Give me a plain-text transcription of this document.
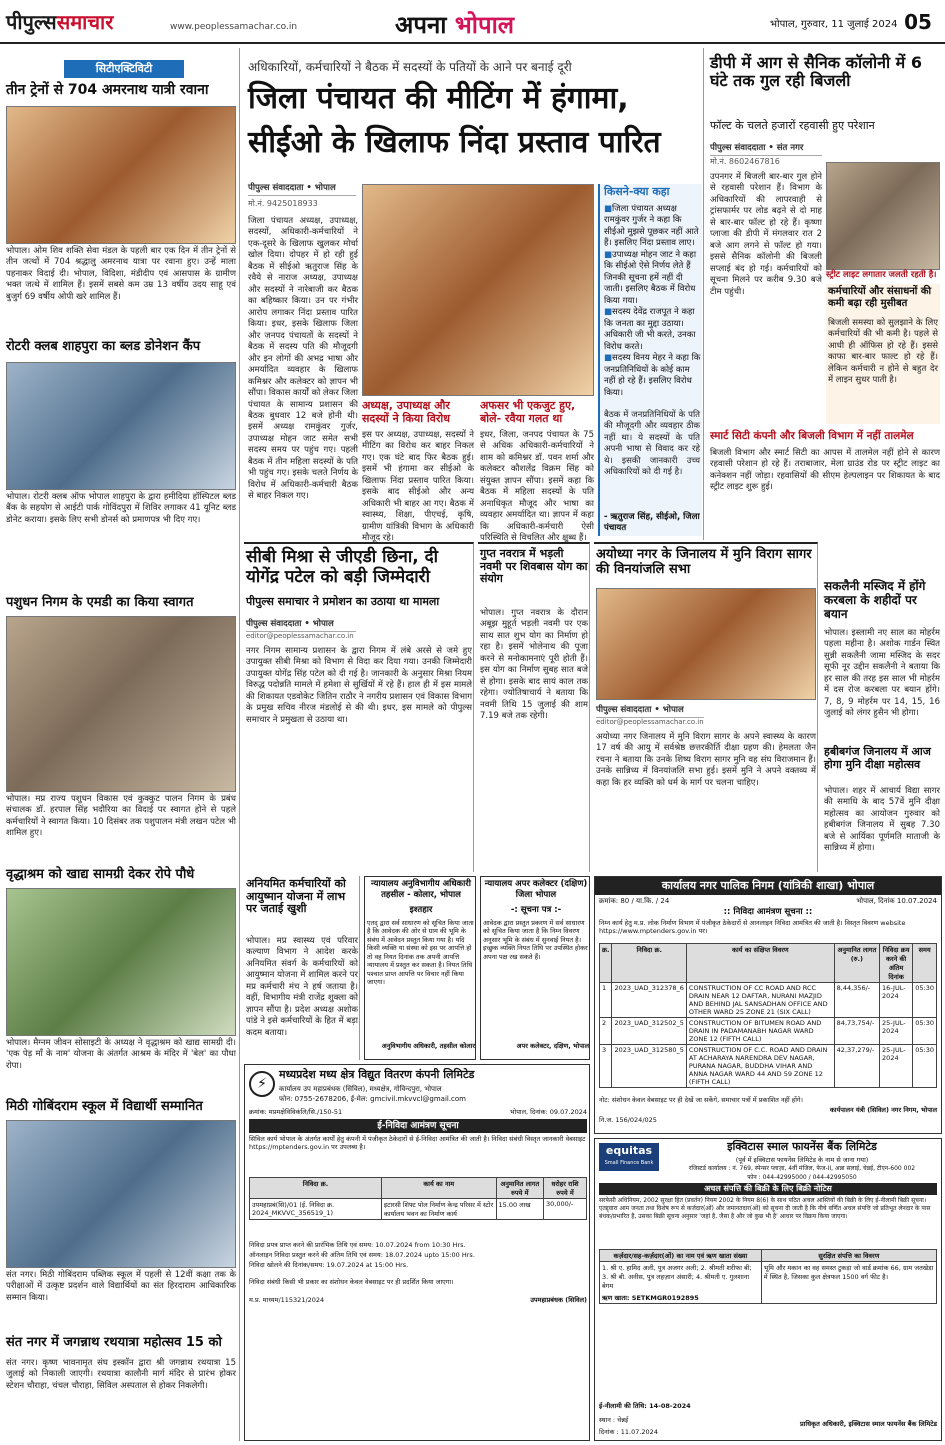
पीपुल्ससमाचार	www.peoplessamachar.co.in	अपना भोपाल	भोपाल, गुरुवार, 11 जुलाई 2024 05
सिटीएक्टिविटी
तीन ट्रेनों से 704 अमरनाथ यात्री रवाना
भोपाल। ओम शिव शक्ति सेवा मंडल के पहली बार एक दिन में तीन ट्रेनों से तीन जत्थों में 704 श्रद्धालु अमरनाथ यात्रा पर रवाना हुए। उन्हें माला पहनाकर विदाई दी। भोपाल, विदिशा, मंडीदीप एवं आसपास के ग्रामीण भक्त जत्थे में शामिल हैं। इसमें सबसे कम उम्र 13 वर्षीय उदय साहू एवं बुजुर्ग 69 वर्षीय ओपी खरे शामिल हैं।
रोटरी क्लब शाहपुरा का ब्लड डोनेशन कैंप
भोपाल। रोटरी क्लब ऑफ भोपाल शाहपुरा के द्वारा हमीदिया हॉस्पिटल ब्लड बैंक के सहयोग से आईटी पार्क गोविंदपुरा में शिविर लगाकर 41 यूनिट ब्लड डोनेट कराया। इसके लिए सभी डोनर्स को प्रमाणपत्र भी दिए गए।
पशुधन निगम के एमडी का किया स्वागत
भोपाल। मप्र राज्य पशुधन विकास एवं कुक्कुट पालन निगम के प्रबंध संचालक डॉ. हरपाल सिंह भदौरिया का विदाई पर स्वागत होने से पहले कर्मचारियों ने स्वागत किया। 10 दिसंबर तक पशुपालन मंत्री लखन पटेल भी शामिल हुए।
वृद्धाश्रम को खाद्य सामग्री देकर रोपे पौधे
भोपाल। मैग्नम जीवन सोसाइटी के अध्यक्ष ने वृद्धाश्रम को खाद्य सामग्री दी। 'एक पेड़ माँ के नाम' योजना के अंतर्गत आश्रम के मंदिर में 'बेल' का पौधा रोपा।
मिठी गोबिंदराम स्कूल में विद्यार्थी सम्मानित
संत नगर। मिठी गोबिंदराम पब्लिक स्कूल में पहली से 12वीं कक्षा तक के परीक्षाओं में उत्कृष्ट प्रदर्शन वाले विद्यार्थियों का संत हिरदाराम आधिकारिक सम्मान किया।
संत नगर में जगन्नाथ रथयात्रा महोत्सव 15 को
संत नगर। कृष्ण भावनामृत संघ इस्कॉन द्वारा श्री जगन्नाथ रथयात्रा 15 जुलाई को निकाली जाएगी। रथयात्रा कालौनी मार्ग मंदिर से प्रारंभ होकर स्टेशन चौराहा, चंचल चौराहा, सिविल अस्पताल से होकर निकलेगी।
अधिकारियों, कर्मचारियों ने बैठक में सदस्यों के पतियों के आने पर बनाई दूरी
जिला पंचायत की मीटिंग में हंगामा,
सीईओ के खिलाफ निंदा प्रस्ताव पारित
पीपुल्स संवाददाता • भोपाल
मो.नं. 9425018933
जिला पंचायत अध्यक्ष, उपाध्यक्ष, सदस्यों, अधिकारी-कर्मचारियों ने एक-दूसरे के खिलाफ खुलकर मोर्चा खोल दिया। दोपहर में हो रही हुई बैठक में सीईओ ऋतुराज सिंह के रवैये से नाराज अध्यक्ष, उपाध्यक्ष और सदस्यों ने नारेबाजी कर बैठक का बहिष्कार किया। उन पर गंभीर आरोप लगाकर निंदा प्रस्ताव पारित किया। इधर, इसके खिलाफ जिला और जनपद पंचायतों के सदस्यों ने बैठक में सदस्य पति की मौजूदगी और इन लोगों की अभद्र भाषा और अमर्यादित व्यवहार के खिलाफ कमिश्नर और कलेक्टर को ज्ञापन भी सौंपा। विकास कार्यों को लेकर जिला पंचायत के सामान्य प्रशासन की बैठक बुधवार 12 बजे होनी थी। इसमें अध्यक्ष रामकुंवर गुर्जर, उपाध्यक्ष मोहन जाट समेत सभी सदस्य समय पर पहुंच गए। पहली बैठक में तीन महिला सदस्यों के पति भी पहुंच गए। इसके चलते निर्णय के विरोध में अधिकारी-कर्मचारी बैठक से बाहर निकल गए।
अध्यक्ष, उपाध्यक्ष और सदस्यों ने किया विरोध
इस पर अध्यक्ष, उपाध्यक्ष, सदस्यों ने मीटिंग का विरोध कर बाहर निकल गए। एक घंटे बाद फिर बैठक हुई। इसमें भी हंगामा कर सीईओ के खिलाफ निंदा प्रस्ताव पारित किया। इसके बाद सीईओ और अन्य अधिकारी भी बाहर आ गए। बैठक में स्वास्थ्य, शिक्षा, पीएचई, कृषि, ग्रामीण यांत्रिकी विभाग के अधिकारी मौजूद रहे।
अफसर भी एकजुट हुए, बोले- रवैया गलत था
इधर, जिला, जनपद पंचायत के 75 से अधिक अधिकारी-कर्मचारियों ने शाम को कमिश्नर डॉ. पवन शर्मा और कलेक्टर कौशलेंद्र विक्रम सिंह को संयुक्त ज्ञापन सौंपा। इसमें कहा कि बैठक में महिला सदस्यों के पति अनाधिकृत मौजूद और भाषा का व्यवहार अमर्यादित था। ज्ञापन में कहा कि अधिकारी-कर्मचारी ऐसी परिस्थिति से विचलित और क्षुब्ध हैं।
किसने-क्या कहा
■ जिला पंचायत अध्यक्ष रामकुंवर गुर्जर ने कहा कि सीईओ मुझसे पूछकर नहीं आते हैं। इसलिए निंदा प्रस्ताव लाए।
■ उपाध्यक्ष मोहन जाट ने कहा कि सीईओ ऐसे निर्णय लेते हैं जिनकी सूचना हमें नहीं दी जाती। इसलिए बैठक में विरोध किया गया।
■ सदस्य देवेंद्र राजपूत ने कहा कि जनता का मुद्दा उठाया। अधिकारी जी भी करते, उनका विरोध करते।
■ सदस्य विनय मेहर ने कहा कि जनप्रतिनिधियों के कोई काम नहीं हो रहे हैं। इसलिए विरोध किया।
बैठक में जनप्रतिनिधियों के पति की मौजूदगी और व्यवहार ठीक नहीं था। ये सदस्यों के पति अपनी भाषा से विवाद कर रहे थे। इसकी जानकारी उच्च अधिकारियों को दी गई है।
- ऋतुराज सिंह, सीईओ, जिला पंचायत
डीपी में आग से सैनिक कॉलोनी में 6 घंटे तक गुल रही बिजली
फॉल्ट के चलते हजारों रहवासी हुए परेशान
पीपुल्स संवाददाता • संत नगर
मो.नं. 8602467816
स्ट्रीट लाइट लगातार जलती रहती है।
उपनगर में बिजली बार-बार गुल होने से रहवासी परेशान हैं। विभाग के अधिकारियों की लापरवाही से ट्रांसफार्मर पर लोड बढ़ने से दो माह से बार-बार फॉल्ट हो रहे हैं। कृष्णा प्लाजा की डीपी में मंगलवार रात 2 बजे आग लगने से फॉल्ट हो गया। इससे सैनिक कॉलोनी की बिजली सप्लाई बंद हो गई। कर्मचारियों को सूचना मिलने पर करीब 9.30 बजे टीम पहुंची।	कर्मचारियों और संसाधनों की कमी बढ़ा रही मुसीबत
बिजली समस्या को सुलझाने के लिए कर्मचारियों की भी कमी है। पहले से आधी ही ऑफिस हो रहे हैं। इससे काफा बार-बार फाल्ट हो रहे हैं। लेकिन कर्मचारी न होने से बहुत देर में लाइन सुधर पाती है।
स्मार्ट सिटी कंपनी और बिजली विभाग में नहीं तालमेल
बिजली विभाग और स्मार्ट सिटी का आपस में तालमेल नहीं होने से कारण रहवासी परेशान हो रहे हैं। तराबाजार, मेला ग्राउंड रोड पर स्ट्रीट लाइट का कनेक्शन नहीं जोड़ा। रहवासियों की सीएम हेल्पलाइन पर शिकायत के बाद स्ट्रीट लाइट शुरू हुई।
सीबी मिश्रा से जीएडी छिना, दी योगेंद्र पटेल को बड़ी जिम्मेदारी
पीपुल्स समाचार ने प्रमोशन का उठाया था मामला
पीपुल्स संवाददाता • भोपाल
editor@peoplessamachar.co.in
नगर निगम सामान्य प्रशासन के द्वारा निगम में लंबे अरसे से जमे हुए उपायुक्त सीबी मिश्रा को विभाग से विदा कर दिया गया। उनकी जिम्मेदारी उपायुक्त योगेंद्र सिंह पटेल को दी गई है। जानकारी के अनुसार मिश्रा नियम विरुद्ध पदोन्नति मामले में हमेशा से सुर्खियों में रहे हैं। हाल ही में इस मामले की शिकायत एडवोकेट जितिन राठौर ने नगरीय प्रशासन एवं विकास विभाग के प्रमुख सचिव नीरज मंडलोई से की थी। इधर, इस मामले को पीपुल्स समाचार ने प्रमुखता से उठाया था।
गुप्त नवरात्र में भड़ली नवमी पर शिवबास योग का संयोग
भोपाल। गुप्त नवरात्र के दौरान अबूझ मुहूर्त भड़ली नवमी पर एक साथ सात शुभ योग का निर्माण हो रहा है। इसमें भोलेनाथ की पूजा करने से मनोकामनाएं पूरी होती हैं। इस योग का निर्माण सुबह सात बजे से होगा। इसके बाद सायं काल तक रहेगा। ज्योतिषाचार्य ने बताया कि नवमी तिथि 15 जुलाई की शाम 7.19 बजे तक रहेगी।
अयोध्या नगर के जिनालय में मुनि विराग सागर की विनयांजलि सभा
पीपुल्स संवाददाता • भोपाल
editor@peoplessamachar.co.in
अयोध्या नगर जिनालय में मुनि विराग सागर के अपने स्वास्थ्य के कारण 17 वर्ष की आयु में सर्वश्रेष्ठ छत्तरकीर्ति दीक्षा ग्रहण की। हेमलता जैन रचना ने बताया कि उनके शिष्य विराग सागर मुनि वह संघ विराजमान हैं। उनके सान्निध्य में विनयांजलि सभा हुई। इसमें मुनि ने अपने वक्तव्य में कहा कि हर व्यक्ति को धर्म के मार्ग पर चलना चाहिए।
सकलैनी मस्जिद में होंगे करबला के शहीदों पर बयान
भोपाल। इस्लामी नए साल का मोहर्रम पहला महीना है। अशोक गार्डन स्थित सुन्नी सकलैनी जामा मस्जिद के सदर सूफी नूर उद्दीन सकलैनी ने बताया कि हर साल की तरह इस साल भी मोहर्रम में दस रोज करबला पर बयान होंगे। 7, 8, 9 मोहर्रम पर 14, 15, 16 जुलाई को लंगर हुसैन भी होगा।
हबीबगंज जिनालय में आज होगा मुनि दीक्षा महोत्सव
भोपाल। शहर में आचार्य विद्या सागर की समाधि के बाद 57वें मुनि दीक्षा महोत्सव का आयोजन गुरुवार को हबीबगंज जिनालय में सुबह 7.30 बजे से आर्यिका पूर्णमति माताजी के सान्निध्य में होगा।
अनियमित कर्मचारियों को आयुष्मान योजना में लाभ पर जताई खुशी
भोपाल। मप्र स्वास्थ्य एवं परिवार कल्याण विभाग ने आदेश करके अनियमित संवर्ग के कर्मचारियों को आयुष्मान योजना में शामिल करने पर मप्र कर्मचारी मंच ने हर्ष जताया है। वहीं, विभागीय मंत्री राजेंद्र शुक्ला को ज्ञापन सौंपा है। प्रदेश अध्यक्ष अशोक पांडे ने इसे कर्मचारियों के हित में बड़ा कदम बताया।
न्यायालय अनुविभागीय अधिकारी तहसील - कोलार, भोपाल
इश्तहार
एतद् द्वारा सर्व साधारण को सूचित किया जाता है कि आवेदक की ओर से ग्राम की भूमि के संबंध में आवेदन प्रस्तुत किया गया है। यदि किसी व्यक्ति या संस्था को इस पर आपत्ति हो तो वह नियत दिनांक तक अपनी आपत्ति न्यायालय में प्रस्तुत कर सकता है। नियत तिथि पश्चात प्राप्त आपत्ति पर विचार नहीं किया जाएगा।
अनुविभागीय अधिकारी, तहसील कोलार
न्यायालय अपर कलेक्टर (दक्षिण) जिला भोपाल
-: सूचना पत्र :-
आवेदक द्वारा प्रस्तुत प्रकरण में सर्व साधारण को सूचित किया जाता है कि निम्न विवरण अनुसार भूमि के संबंध में सुनवाई नियत है। इच्छुक व्यक्ति नियत तिथि पर उपस्थित होकर अपना पक्ष रख सकते हैं।
अपर कलेक्टर, दक्षिण, भोपाल
कार्यालय नगर पालिक निगम (यांत्रिकी शाखा) भोपाल
क्रमांक: 80 / या.कि. / 24	भोपाल, दिनांक 10.07.2024
:: निविदा आमंत्रण सूचना ::
निम्न कार्य हेतु म.प्र. लोक निर्माण विभाग में पंजीकृत ठेकेदारों से आनलाइन निविदा आमंत्रित की जाती है। विस्तृत विवरण website https://www.mptenders.gov.in पर।
क्र.	निविदा क्र.	कार्य का संक्षिप्त विवरण	अनुमानित लागत (रु.)	निविदा क्रय करने की अंतिम दिनांक	समय
1	2023_UAD_312378_6	CONSTRUCTION OF CC ROAD AND RCC DRAIN NEAR 12 DAFTAR, NURANI MAZJID AND BEHIND JAL SANSADHAN OFFICE AND OTHER WARD 25 ZONE 21 (SIX CALL)	8,44,356/-	16-JUL-2024	05:30
2	2023_UAD_312502_5	CONSTRUCTION OF BITUMEN ROAD AND DRAIN IN PADAMANABH NAGAR WARD ZONE 12 (FIFTH CALL)	84,73,754/-	25-JUL-2024	05:30
3	2023_UAD_312580_5	CONSTRUCTION OF C.C. ROAD AND DRAIN AT ACHARAYA NARENDRA DEV NAGAR, PURANA NAGAR, BUDDHA VIHAR AND ANNA NAGAR WARD 44 AND 59 ZONE 12 (FIFTH CALL)	42,37,279/-	25-JUL-2024	05:30
नोट: संशोधन केवल वेबसाइट पर ही देखें जा सकेंगे, समाचार पत्रों में प्रकाशित नहीं होंगे।
नि.ज. 156/024/025
कार्यपालन यंत्री (सिविल) नगर निगम, भोपाल
⚡
मध्यप्रदेश मध्य क्षेत्र विद्युत वितरण कंपनी लिमिटेड
कार्यालय उप महाप्रबंधक (सिविल), मध्यक्षेत्र, गोविन्दपुरा, भोपाल
फोन: 0755-2678206, ई-मेल: gmcivil.mkvvcl@gmail.com
क्रमांक: मप्रमक्षेविविकंलि/सि./150-51	भोपाल, दिनांक: 09.07.2024
ई-निविदा आमंत्रण सूचना
सिविल कार्य भोपाल के अंतर्गत कार्यों हेतु कंपनी में पंजीकृत ठेकेदारों से ई-निविदा आमंत्रित की जाती है। निविदा संबंधी विस्तृत जानकारी वेबसाइट https://mptenders.gov.in पर उपलब्ध है।
निविदा क्र.	कार्य का नाम	अनुमानित लागत रुपये में	धरोहर राशि रुपये में
उपमहाप्रबं(सि)/01 (ई. निविदा क्र. 2024_MKVVC_356519_1)	इटारसी शिफ्ट पोल निर्माण केन्द्र परिसर में स्टोर कार्यालय भवन का निर्माण कार्य	15.00 लाख	30,000/-
निविदा प्रपत्र प्राप्त करने की प्रारंभिक तिथि एवं समय: 10.07.2024 from 10:30 Hrs.
ऑनलाइन निविदा प्रस्तुत करने की अंतिम तिथि एवं समय: 18.07.2024 upto 15:00 Hrs.
निविदा खोलने की दिनांक/समय: 19.07.2024 at 15:00 Hrs.
निविदा संबंधी किसी भी प्रकार का संशोधन केवल वेबसाइट पर ही प्रदर्शित किया जाएगा।
म.प्र. माध्यम/115321/2024	उपमहाप्रबंधक (सिविल)
equitas
Small Finance Bank
इक्विटास स्माल फायनेंस बैंक लिमिटेड
(पूर्व में इक्विटास फायनेंस लिमिटेड के नाम से जाना गया)
रजिस्टर्ड कार्यालय : नं. 769, स्पेन्सर प्लाज़ा, 4वीं मंजिल, फेज-II, अन्ना सलाई, चेन्नई, टीएन-600 002
फोन : 044-42995000 / 044-42995050
अचल संपत्ति की बिक्री के लिए बिक्री नोटिस
सरफेसी अधिनियम, 2002 सुरक्षा हित (प्रवर्तन) नियम 2002 के नियम 8(6) के साथ पठित अचल आस्तियों की बिक्री के लिए ई-नीलामी बिक्री सूचना। एतद्द्वारा आम जनता तथा विशेष रूप से कर्जदार(ओं) और जमानतदार(ओं) को सूचना दी जाती है कि नीचे वर्णित अचल संपत्ति जो प्रतिभूत लेनदार के पास बंधक/प्रभारित है, उसका बिक्री सूचना अनुसार 'जहां है, जैसा है और जो कुछ भी है' आधार पर विक्रय किया जाएगा।
कर्ज़दार/सह-कर्ज़दार(ओं) का नाम एवं ऋण खाता संख्या	सुरक्षित संपत्ति का विवरण

1. श्री ए. हामिद अली, पुत्र अजगर अली; 2. श्रीमती शरीफा बी; 3. श्री बी. अनीस, पुत्र लहज़ान अंसारी; 4. श्रीमती ए. गुलशाना बेगम
ऋण खाता: SETKMGR0192895	भूमि और मकान का वह समस्त टुकड़ा जो वार्ड क्रमांक 66, ग्राम जतखेडा में स्थित है, जिसका कुल क्षेत्रफल 1500 वर्ग फीट है।
ई-नीलामी की तिथि: 14-08-2024
स्थान : चेन्नई
दिनांक : 11.07.2024
प्राधिकृत अधिकारी, इक्विटास स्माल फायनेंस बैंक लिमिटेड
